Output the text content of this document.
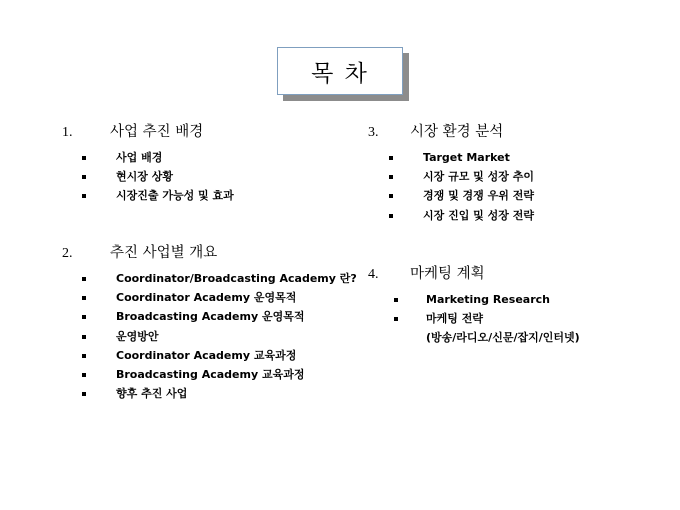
목 차
1.	사업 추진 배경
사업 배경
현시장 상황
시장진출 가능성 및 효과
2.	추진 사업별 개요
Coordinator/Broadcasting Academy 란?
Coordinator Academy 운영목적
Broadcasting Academy 운영목적
운영방안
Coordinator Academy 교육과정
Broadcasting Academy 교육과정
향후 추진 사업
3.	시장 환경 분석
Target Market
시장 규모 및 성장 추이
경쟁 및 경쟁 우위 전략
시장 진입 및 성장 전략
4.	마케팅 계획
Marketing Research
마케팅 전략
(방송/라디오/신문/잡지/인터넷)
